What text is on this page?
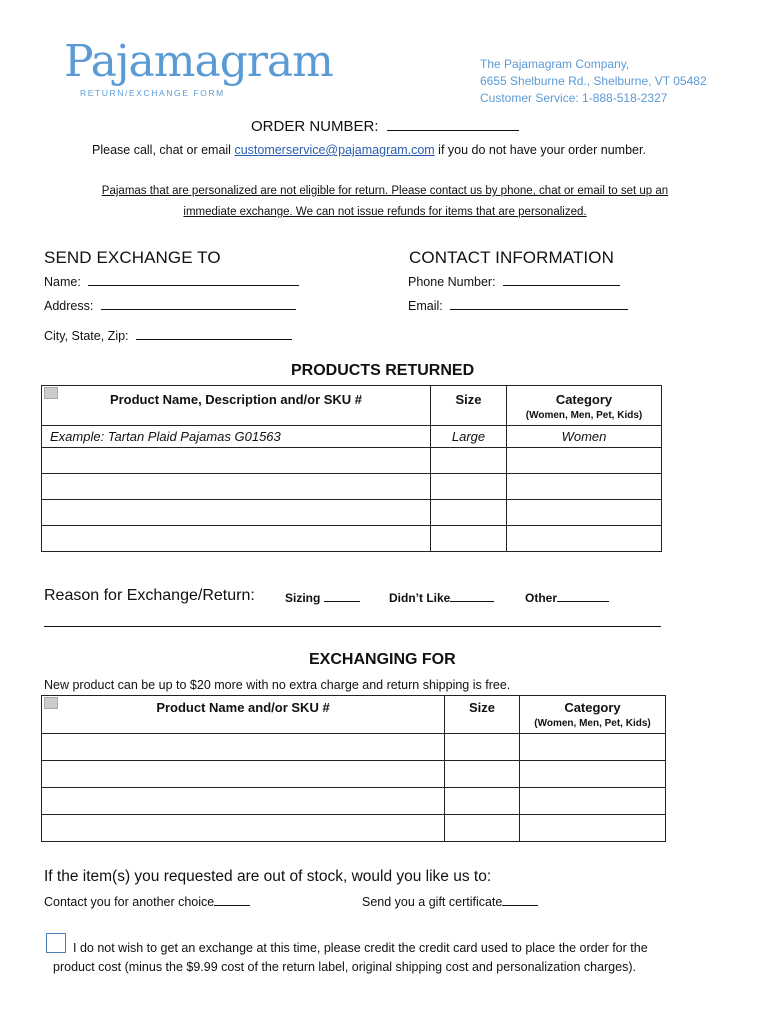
Pajamagram
RETURN/EXCHANGE FORM
The Pajamagram Company,
6655 Shelburne Rd., Shelburne, VT 05482
Customer Service: 1-888-518-2327
ORDER NUMBER:
Please call, chat or email customerservice@pajamagram.com if you do not have your order number.
Pajamas that are personalized are not eligible for return. Please contact us by phone, chat or email to set up an
immediate exchange. We can not issue refunds for items that are personalized.
SEND EXCHANGE TO
Name:
Address:
City, State, Zip:
CONTACT INFORMATION
Phone Number:
Email:
PRODUCTS RETURNED
Product Name, Description and/or SKU #	Size	Category
(Women, Men, Pet, Kids)

Example: Tartan Plaid Pajamas G01563	Large	Women

Reason for Exchange/Return:	Sizing	Didn’t Like	Other
EXCHANGING FOR
New product can be up to $20 more with no extra charge and return shipping is free.
Product Name and/or SKU #	Size	Category
(Women, Men, Pet, Kids)

If the item(s) you requested are out of stock, would you like us to:
Contact you for another choice	Send you a gift certificate
I do not wish to get an exchange at this time, please credit the credit card used to place the order for the
product cost (minus the $9.99 cost of the return label, original shipping cost and personalization charges).
